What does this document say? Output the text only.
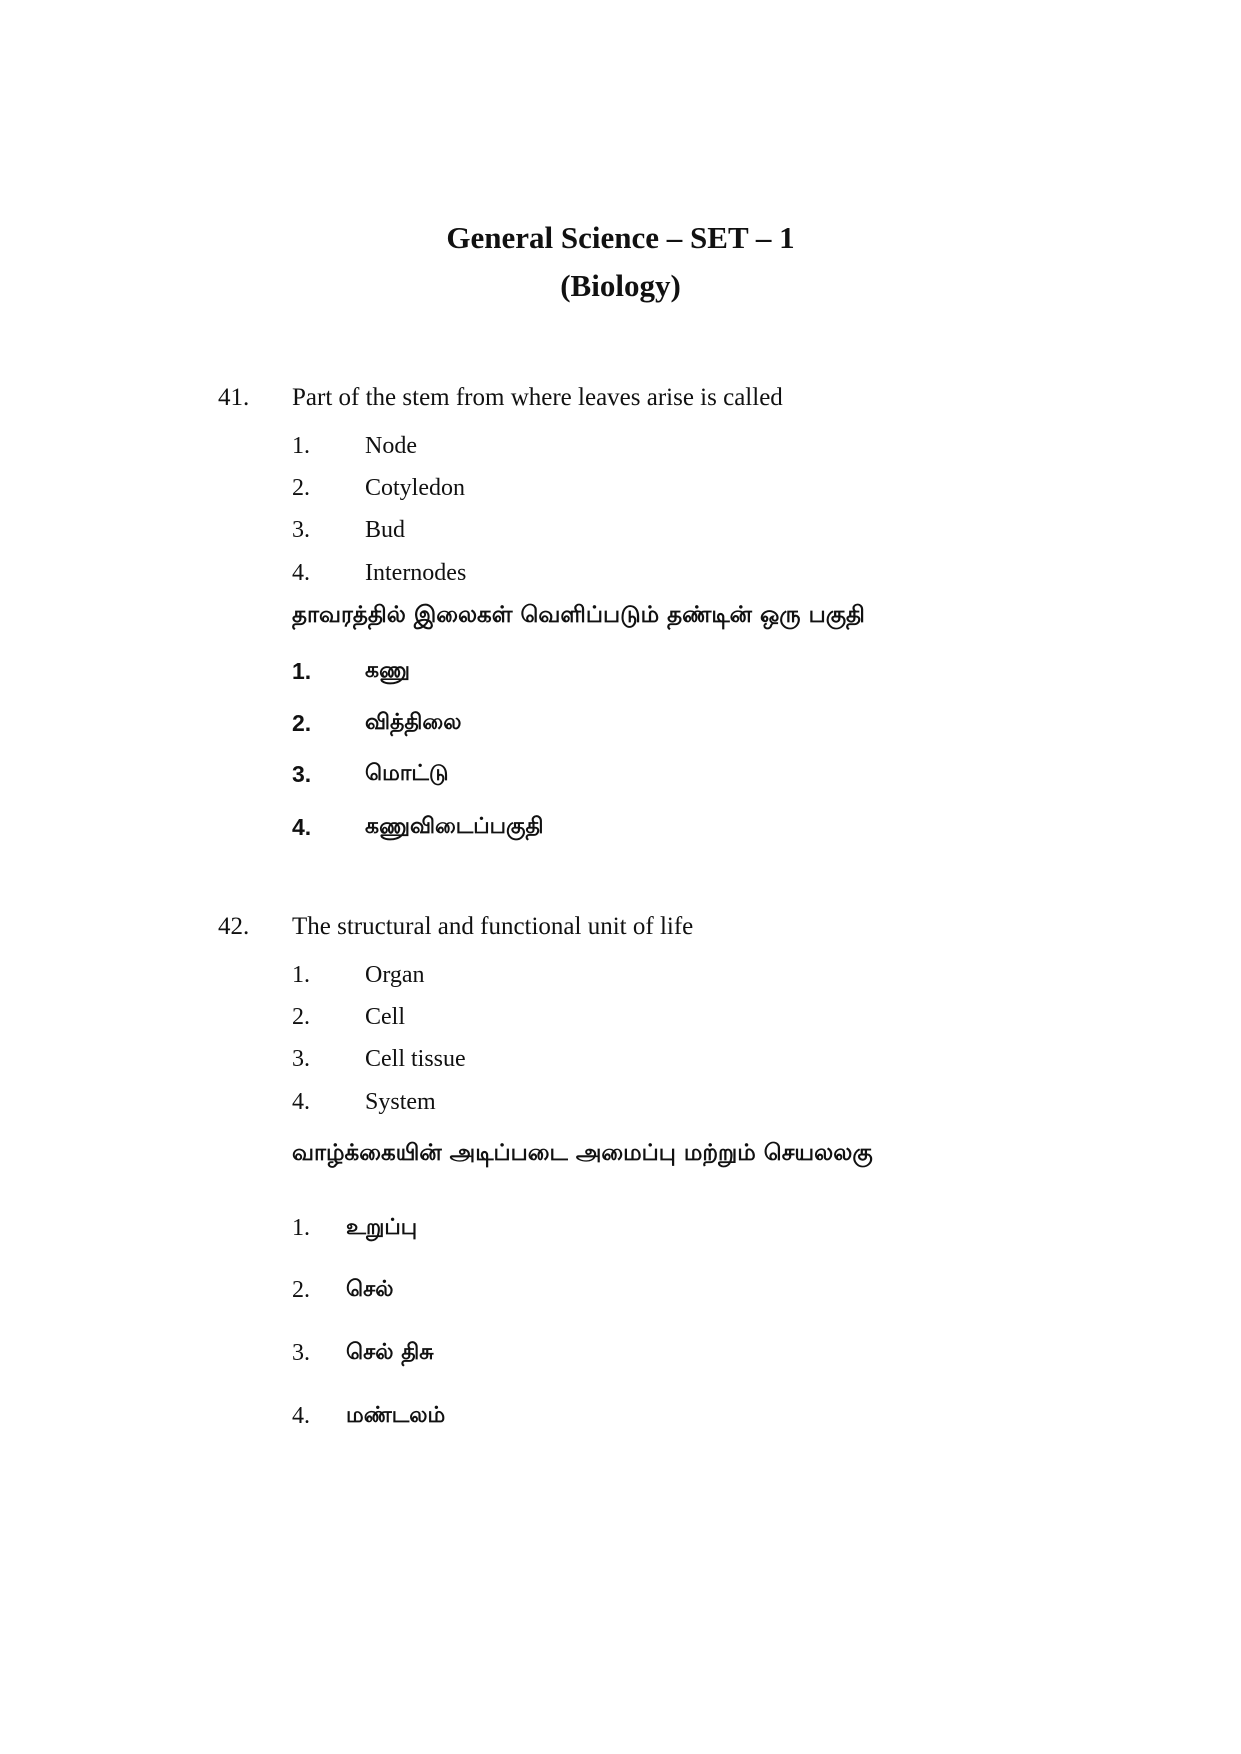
General Science – SET – 1
(Biology)

41. Part of the stem from where leaves arise is called

1. Node

2. Cotyledon

3. Bud

4. Internodes

தாவரத்தில் இலைகள் வெளிப்படும் தண்டின் ஒரு பகுதி

1. கணு

2. வித்திலை

3. மொட்டு

4. கணுவிடைப்பகுதி

42. The structural and functional unit of life

1. Organ

2. Cell

3. Cell tissue

4. System

வாழ்க்கையின் அடிப்படை அமைப்பு மற்றும் செயலலகு

1. உறுப்பு

2. செல்

3. செல் திசு

4. மண்டலம்
